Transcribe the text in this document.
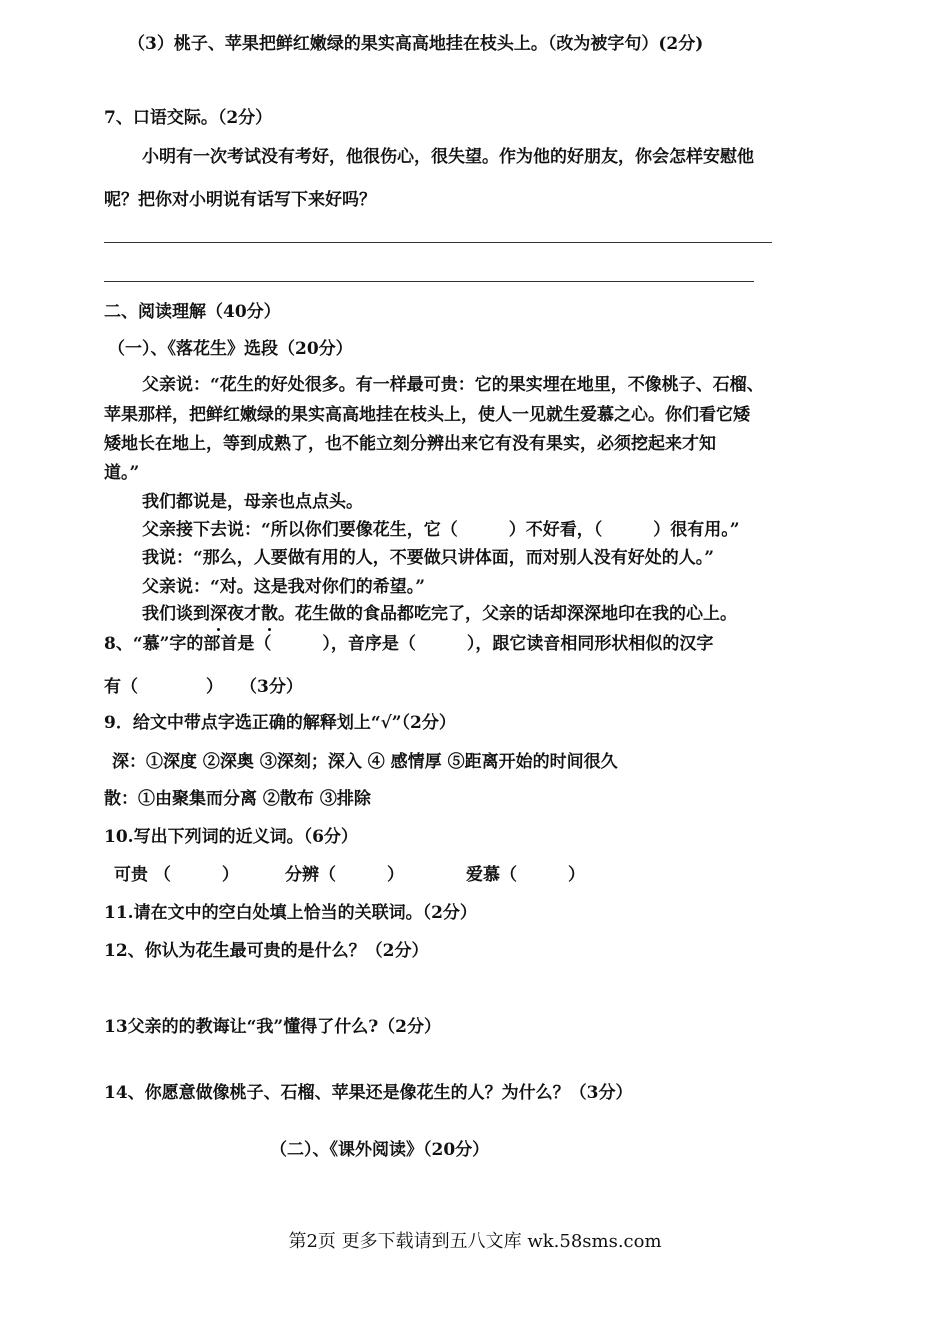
（3）桃子、苹果把鲜红嫩绿的果实高高地挂在枝头上。（改为被字句）(2分)
7、口语交际。（2分）
小明有一次考试没有考好，他很伤心，很失望。作为他的好朋友，你会怎样安慰他
呢？把你对小明说有话写下来好吗？
二、阅读理解（40分）
（一）、《落花生》选段（20分）
父亲说：“花生的好处很多。有一样最可贵：它的果实埋在地里，不像桃子、石榴、
苹果那样，把鲜红嫩绿的果实高高地挂在枝头上，使人一见就生爱慕之心。你们看它矮
矮地长在地上，等到成熟了，也不能立刻分辨出来它有没有果实，必须挖起来才知
道。”
我们都说是，母亲也点点头。
父亲接下去说：“所以你们要像花生，它（　　　）不好看，（　　　）很有用。”
我说：“那么，人要做有用的人，不要做只讲体面，而对别人没有好处的人。”
父亲说：“对。这是我对你们的希望。”
我们谈到深夜才散。花生做的食品都吃完了，父亲的话却深深地印在我的心上。
8、“慕”字的部首是（　　　），音序是（　　　），跟它读音相同形状相似的汉字
有（　　　　）　　（3分）
9．给文中带点字选正确的解释划上“√”（2分）
深：①深度 ②深奥 ③深刻；深入 ④ 感情厚 ⑤距离开始的时间很久
散：①由聚集而分离 ②散布 ③排除
10.写出下列词的近义词。（6分）
可贵 （　　　）	分辨（　　　）	爱慕（　　　）
11.请在文中的空白处填上恰当的关联词。（2分）
12、你认为花生最可贵的是什么？（2分）
13父亲的的教诲让“我”懂得了什么?（2分）
14、你愿意做像桃子、石榴、苹果还是像花生的人？为什么？（3分）
（二）、《课外阅读》（20分）
第2页 更多下载请到五八文库 wk.58sms.com
